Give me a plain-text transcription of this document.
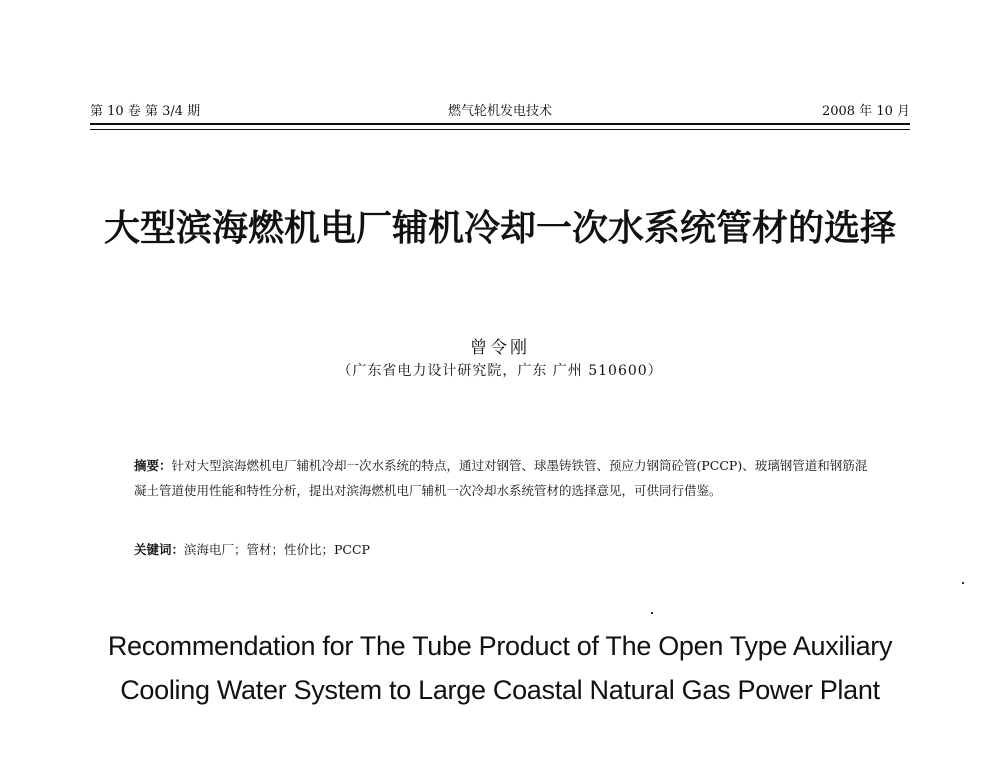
第 10 卷 第 3/4 期	燃气轮机发电技术	2008 年 10 月
大型滨海燃机电厂辅机冷却一次水系统管材的选择
曾令刚
（广东省电力设计研究院，广东 广州 510600）

摘要：针对大型滨海燃机电厂辅机冷却一次水系统的特点，通过对钢管、球墨铸铁管、预应力钢筒砼管(PCCP)、玻璃钢管道和钢筋混凝土管道使用性能和特性分析，提出对滨海燃机电厂辅机一次冷却水系统管材的选择意见，可供同行借鉴。

关键词：滨海电厂；管材；性价比；PCCP
Recommendation for The Tube Product of The Open Type Auxiliary
Cooling Water System to Large Coastal Natural Gas Power Plant
